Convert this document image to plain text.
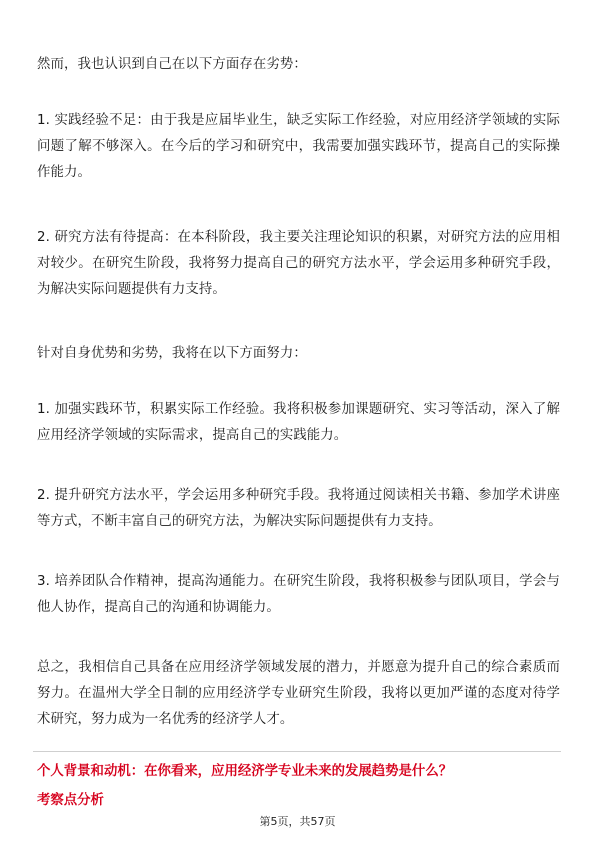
然而，我也认识到自己在以下方面存在劣势：

1. 实践经验不足：由于我是应届毕业生，缺乏实际工作经验，对应用经济学领域的实际问题了解不够深入。在今后的学习和研究中，我需要加强实践环节，提高自己的实际操作能力。

2. 研究方法有待提高：在本科阶段，我主要关注理论知识的积累，对研究方法的应用相对较少。在研究生阶段，我将努力提高自己的研究方法水平，学会运用多种研究手段，为解决实际问题提供有力支持。

针对自身优势和劣势，我将在以下方面努力：

1. 加强实践环节，积累实际工作经验。我将积极参加课题研究、实习等活动，深入了解应用经济学领域的实际需求，提高自己的实践能力。

2. 提升研究方法水平，学会运用多种研究手段。我将通过阅读相关书籍、参加学术讲座等方式，不断丰富自己的研究方法，为解决实际问题提供有力支持。

3. 培养团队合作精神，提高沟通能力。在研究生阶段，我将积极参与团队项目，学会与他人协作，提高自己的沟通和协调能力。

总之，我相信自己具备在应用经济学领域发展的潜力，并愿意为提升自己的综合素质而努力。在温州大学全日制的应用经济学专业研究生阶段，我将以更加严谨的态度对待学术研究，努力成为一名优秀的经济学人才。

个人背景和动机：在你看来，应用经济学专业未来的发展趋势是什么？

考察点分析

第5页，共57页
